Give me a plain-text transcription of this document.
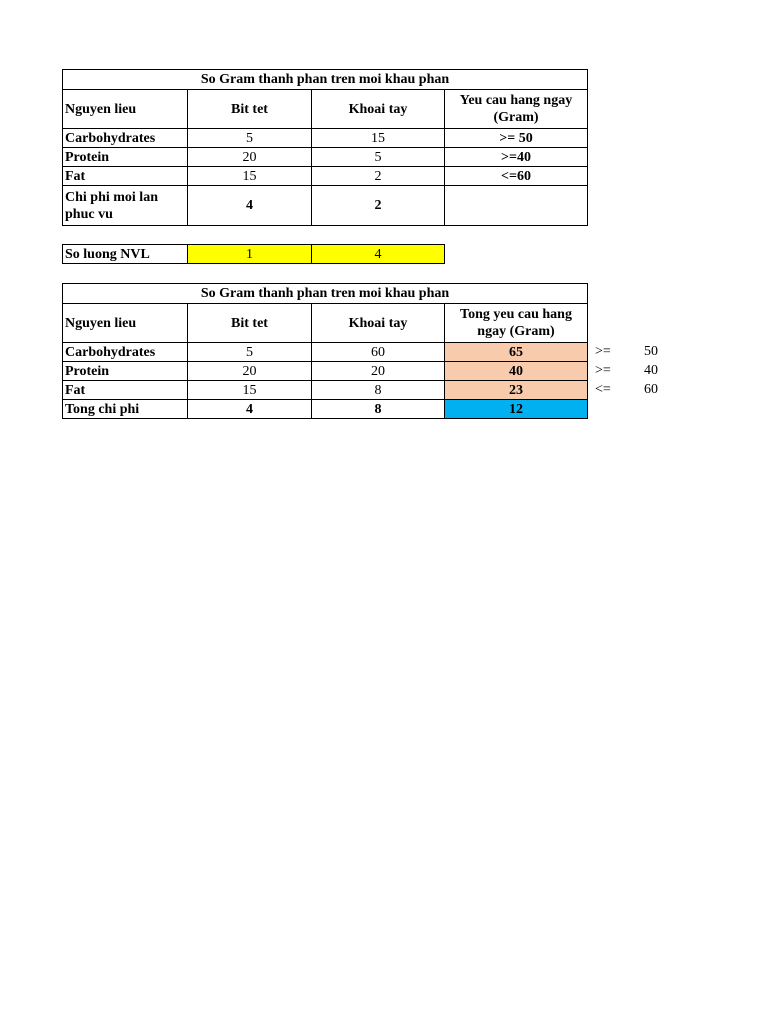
So Gram thanh phan tren moi khau phan			
Nguyen lieu	Bit tet	Khoai tay	Yeu cau hang ngay (Gram)
Carbohydrates	5	15	>= 50
Protein	20	5	>=40
Fat	15	2	<=60
Chi phi moi lan phuc vu	4	2	
So luong NVL	1	4
So Gram thanh phan tren moi khau phan			
Nguyen lieu	Bit tet	Khoai tay	Tong yeu cau hang ngay (Gram)
Carbohydrates	5	60	65
Protein	20	20	40
Fat	15	8	23
Tong chi phi	4	8	12
>= 50
>= 40
<= 60
